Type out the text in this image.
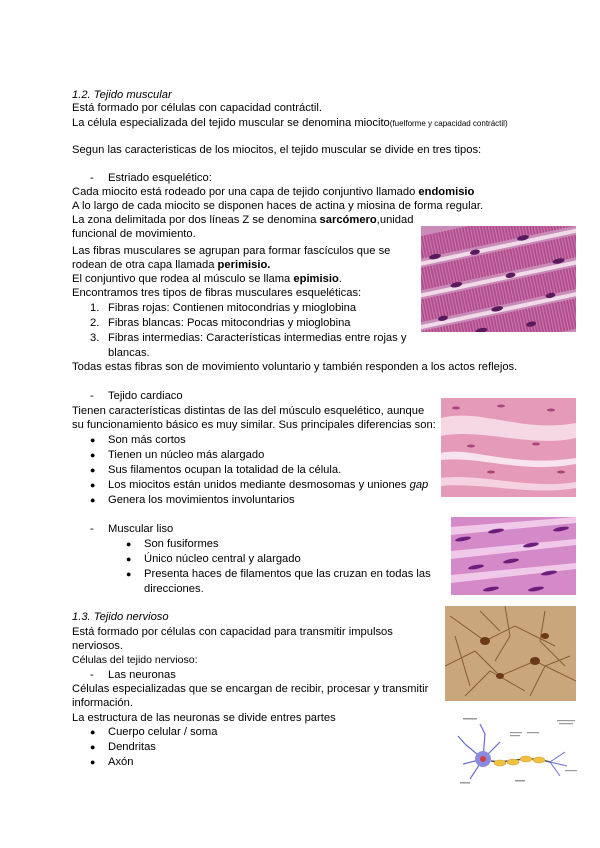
1.2. Tejido muscular
Está formado por células con capacidad contráctil.
La célula especializada del tejido muscular se denomina miocito(fuelforme y capacidad contráctil)
Segun las caracteristicas de los miocitos, el tejido muscular se divide en tres tipos:
- Estriado esquelético:
Cada miocito está rodeado por una capa de tejido conjuntivo llamado endomisio
A lo largo de cada miocito se disponen haces de actina y miosina de forma regular.
La zona delimitada por dos líneas Z se denomina sarcómero,unidad
funcional de movimiento.
Las fibras musculares se agrupan para formar fascículos que se
rodean de otra capa llamada perimisio.
El conjuntivo que rodea al músculo se llama epimisio.
Encontramos tres tipos de fibras musculares esqueléticas:
1. Fibras rojas: Contienen mitocondrias y mioglobina
2. Fibras blancas: Pocas mitocondrias y mioglobina
3. Fibras intermedias: Características intermedias entre rojas y
blancas.
Todas estas fibras son de movimiento voluntario y también responden a los actos reflejos.
- Tejido cardiaco
Tienen características distintas de las del músculo esquelético, aunque
su funcionamiento básico es muy similar. Sus principales diferencias son:
● Son más cortos
● Tienen un núcleo más alargado
● Sus filamentos ocupan la totalidad de la célula.
● Los miocitos están unidos mediante desmosomas y uniones gap
● Genera los movimientos involuntarios
- Muscular liso
● Son fusiformes
● Único núcleo central y alargado
● Presenta haces de filamentos que las cruzan en todas las
direcciones.
1.3. Tejido nervioso
Está formado por células con capacidad para transmitir impulsos
nerviosos.
Células del tejido nervioso:
- Las neuronas
Células especializadas que se encargan de recibir, procesar y transmitir
información.
La estructura de las neuronas se divide entres partes
● Cuerpo celular / soma
● Dendritas
● Axón
